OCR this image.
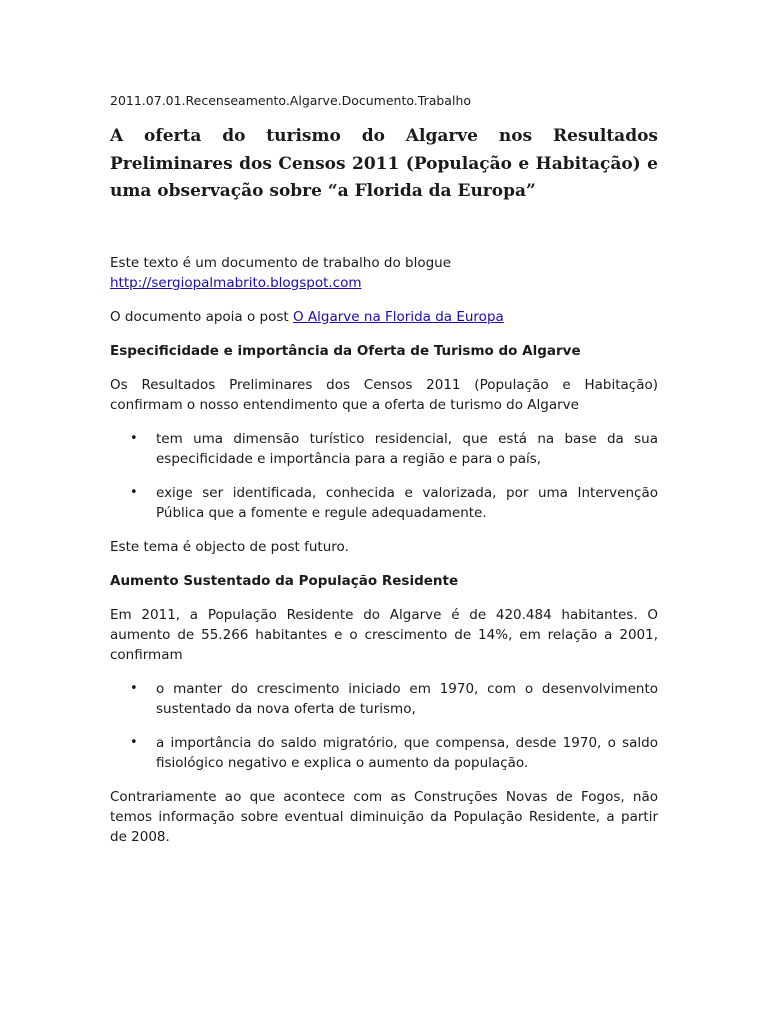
2011.07.01.Recenseamento.Algarve.Documento.Trabalho
A oferta do turismo do Algarve nos Resultados Preliminares dos Censos 2011 (População e Habitação) e uma observação sobre “a Florida da Europa”

Este texto é um documento de trabalho do blogue

http://sergiopalmabrito.blogspot.com

O documento apoia o post O Algarve na Florida da Europa

Especificidade e importância da Oferta de Turismo do Algarve

Os Resultados Preliminares dos Censos 2011 (População e Habitação) confirmam o nosso entendimento que a oferta de turismo do Algarve

• tem uma dimensão turístico residencial, que está na base da sua especificidade e importância para a região e para o país,
• exige ser identificada, conhecida e valorizada, por uma Intervenção Pública que a fomente e regule adequadamente.

Este tema é objecto de post futuro.

Aumento Sustentado da População Residente

Em 2011, a População Residente do Algarve é de 420.484 habitantes. O aumento de 55.266 habitantes e o crescimento de 14%, em relação a 2001, confirmam

• o manter do crescimento iniciado em 1970, com o desenvolvimento sustentado da nova oferta de turismo,
• a importância do saldo migratório, que compensa, desde 1970, o saldo fisiológico negativo e explica o aumento da população.

Contrariamente ao que acontece com as Construções Novas de Fogos, não temos informação sobre eventual diminuição da População Residente, a partir de 2008.
